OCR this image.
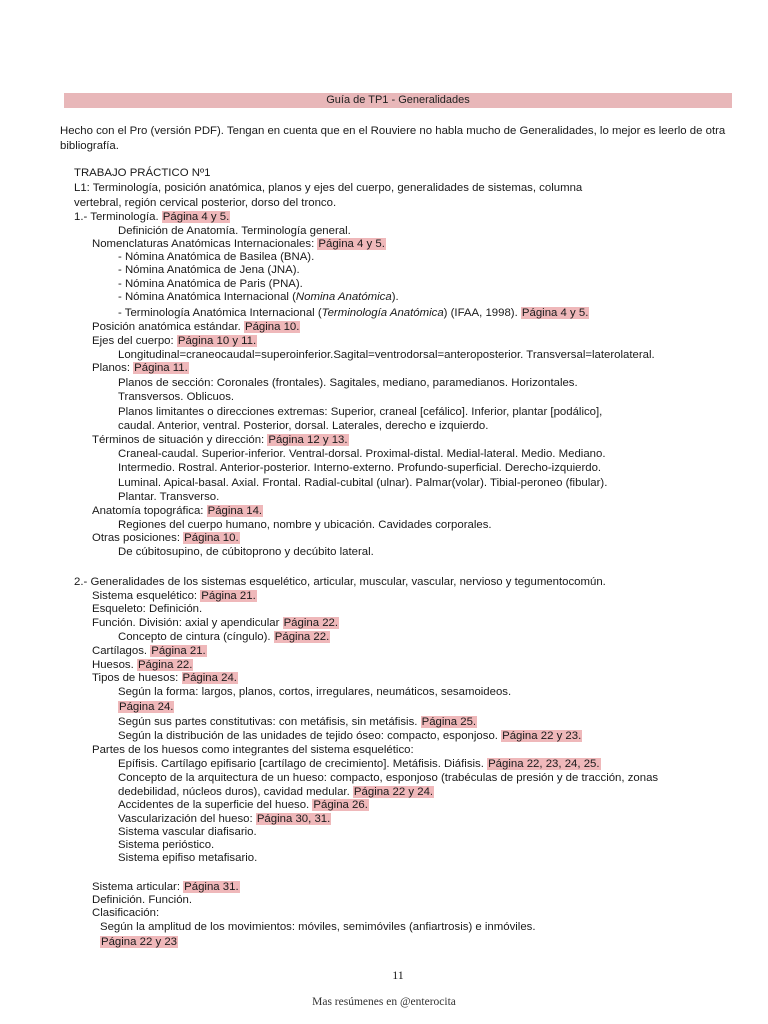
Guía de TP1 - Generalidades
Hecho con el Pro (versión PDF). Tengan en cuenta que en el Rouviere no habla mucho de Generalidades, lo mejor es leerlo de otra bibliografía.
TRABAJO PRÁCTICO Nº1
L1: Terminología, posición anatómica, planos y ejes del cuerpo, generalidades de sistemas, columna
vertebral, región cervical posterior, dorso del tronco.
1.- Terminología. Página 4 y 5.
Definición de Anatomía. Terminología general.
Nomenclaturas Anatómicas Internacionales: Página 4 y 5.
- Nómina Anatómica de Basilea (BNA).
- Nómina Anatómica de Jena (JNA).
- Nómina Anatómica de Paris (PNA).
- Nómina Anatómica Internacional (Nomina Anatómica).
- Terminología Anatómica Internacional (Terminología Anatómica) (IFAA, 1998). Página 4 y 5.
Posición anatómica estándar. Página 10.
Ejes del cuerpo: Página 10 y 11.
Longitudinal=craneocaudal=superoinferior.Sagital=ventrodorsal=anteroposterior. Transversal=laterolateral.
Planos: Página 11.
Planos de sección: Coronales (frontales). Sagitales, mediano, paramedianos. Horizontales.
Transversos. Oblicuos.
Planos limitantes o direcciones extremas: Superior, craneal [cefálico]. Inferior, plantar [podálico],
caudal. Anterior, ventral. Posterior, dorsal. Laterales, derecho e izquierdo.
Términos de situación y dirección: Página 12 y 13.
Craneal-caudal. Superior-inferior. Ventral-dorsal. Proximal-distal. Medial-lateral. Medio. Mediano.
Intermedio. Rostral. Anterior-posterior. Interno-externo. Profundo-superficial. Derecho-izquierdo.
Luminal. Apical-basal. Axial. Frontal. Radial-cubital (ulnar). Palmar(volar). Tibial-peroneo (fibular).
Plantar. Transverso.
Anatomía topográfica: Página 14.
Regiones del cuerpo humano, nombre y ubicación. Cavidades corporales.
Otras posiciones: Página 10.
De cúbitosupino, de cúbitoprono y decúbito lateral.
2.- Generalidades de los sistemas esquelético, articular, muscular, vascular, nervioso y tegumentocomún.
Sistema esquelético: Página 21.
Esqueleto: Definición.
Función. División: axial y apendicular Página 22.
Concepto de cintura (cíngulo). Página 22.
Cartílagos. Página 21.
Huesos. Página 22.
Tipos de huesos: Página 24.
Según la forma: largos, planos, cortos, irregulares, neumáticos, sesamoideos.
Página 24.
Según sus partes constitutivas: con metáfisis, sin metáfisis. Página 25.
Según la distribución de las unidades de tejido óseo: compacto, esponjoso. Página 22 y 23.
Partes de los huesos como integrantes del sistema esquelético:
Epífisis. Cartílago epifisario [cartílago de crecimiento]. Metáfisis. Diáfisis. Página 22, 23, 24, 25.
Concepto de la arquitectura de un hueso: compacto, esponjoso (trabéculas de presión y de tracción, zonas
dedebilidad, núcleos duros), cavidad medular. Página 22 y 24.
Accidentes de la superficie del hueso. Página 26.
Vascularización del hueso: Página 30, 31.
Sistema vascular diafisario.
Sistema perióstico.
Sistema epifiso metafisario.
Sistema articular: Página 31.
Definición. Función.
Clasificación:
Según la amplitud de los movimientos: móviles, semimóviles (anfiartrosis) e inmóviles.
Página 22 y 23
11
Mas resúmenes en @enterocita
